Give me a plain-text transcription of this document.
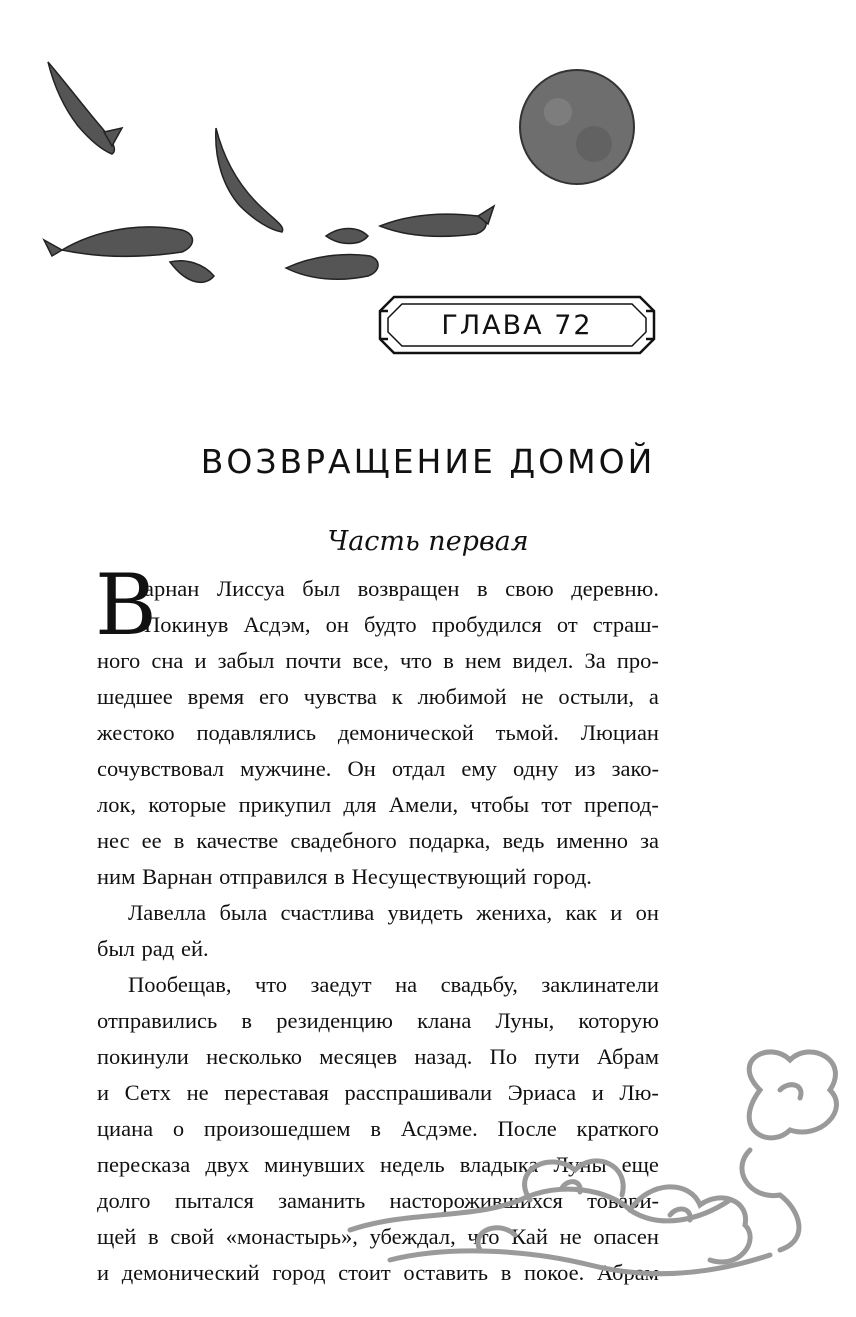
ГЛАВА 72
ВОЗВРАЩЕНИЕ ДОМОЙ
Часть первая
В
арнан Лиссуа был возвращен в свою деревню.
Покинув Асдэм, он будто пробудился от страш-
ного сна и забыл почти все, что в нем видел. За про-
шедшее время его чувства к любимой не остыли, а
жестоко подавлялись демонической тьмой. Люциан
сочувствовал мужчине. Он отдал ему одну из зако-
лок, которые прикупил для Амели, чтобы тот препод-
нес ее в качестве свадебного подарка, ведь именно за
ним Варнан отправился в Несуществующий город.
Лавелла была счастлива увидеть жениха, как и он
был рад ей.
Пообещав, что заедут на свадьбу, заклинатели
отправились в резиденцию клана Луны, которую
покинули несколько месяцев назад. По пути Абрам
и Сетх не переставая расспрашивали Эриаса и Лю-
циана о произошедшем в Асдэме. После краткого
пересказа двух минувших недель владыка Луны еще
долго пытался заманить насторожившихся товари-
щей в свой «монастырь», убеждал, что Кай не опасен
и демонический город стоит оставить в покое. Абрам
